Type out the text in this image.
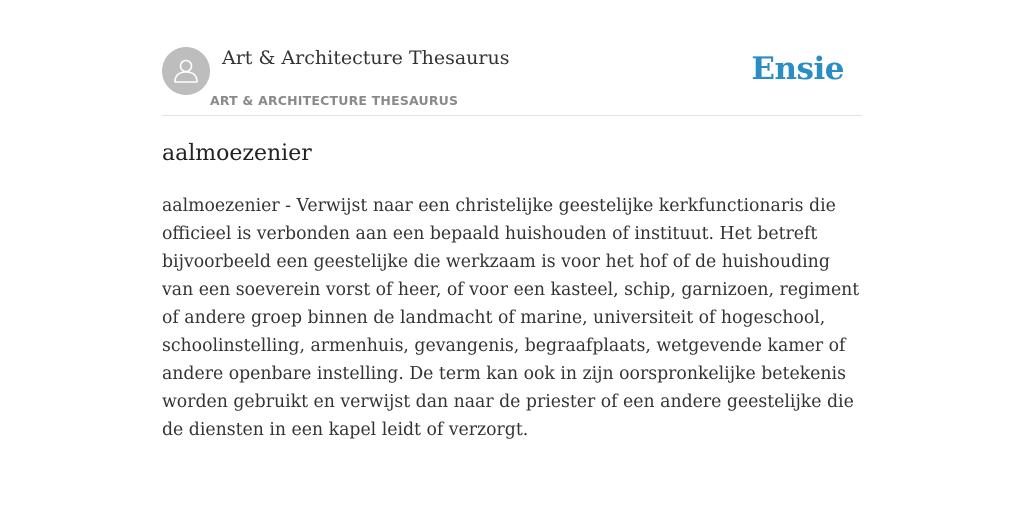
Art & Architecture Thesaurus
ART & ARCHITECTURE THESAURUS
Ensie
aalmoezenier

aalmoezenier - Verwijst naar een christelijke geestelijke kerkfunctionaris die officieel is verbonden aan een bepaald huishouden of instituut. Het betreft bijvoorbeeld een geestelijke die werkzaam is voor het hof of de huishouding van een soeverein vorst of heer, of voor een kasteel, schip, garnizoen, regiment of andere groep binnen de landmacht of marine, universiteit of hogeschool, schoolinstelling, armenhuis, gevangenis, begraafplaats, wetgevende kamer of andere openbare instelling. De term kan ook in zijn oorspronkelijke betekenis worden gebruikt en verwijst dan naar de priester of een andere geestelijke die de diensten in een kapel leidt of verzorgt.
